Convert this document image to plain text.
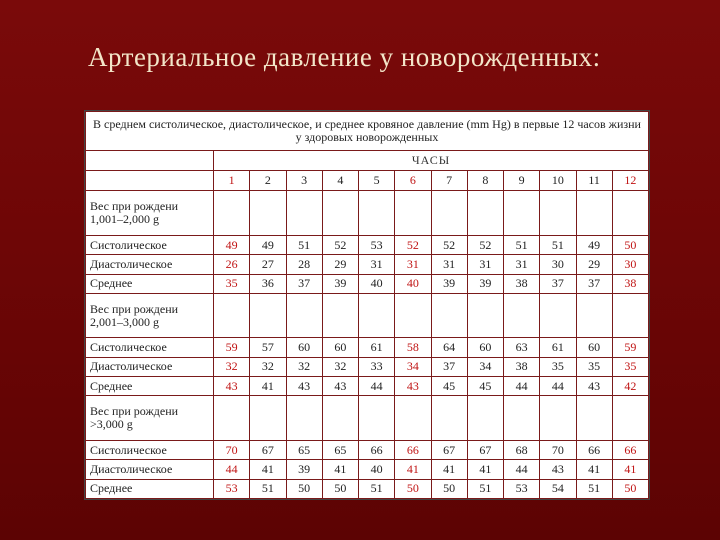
Артериальное давление у новорожденных:
В среднем систолическое, диастолическое, и среднее кровяное давление (mm Hg) в первые 12 часов жизни у здоровых новорожденных												
	ЧАСЫ											
	1	2	3	4	5	6	7	8	9	10	11	12
Вес при рождени 1,001–2,000 g												
Систолическое	49	49	51	52	53	52	52	52	51	51	49	50
Диастолическое	26	27	28	29	31	31	31	31	31	30	29	30
Среднее	35	36	37	39	40	40	39	39	38	37	37	38
Вес при рождени 2,001–3,000 g												
Систолическое	59	57	60	60	61	58	64	60	63	61	60	59
Диастолическое	32	32	32	32	33	34	37	34	38	35	35	35
Среднее	43	41	43	43	44	43	45	45	44	44	43	42
Вес при рождени >3,000 g												
Систолическое	70	67	65	65	66	66	67	67	68	70	66	66
Диастолическое	44	41	39	41	40	41	41	41	44	43	41	41
Среднее	53	51	50	50	51	50	50	51	53	54	51	50
